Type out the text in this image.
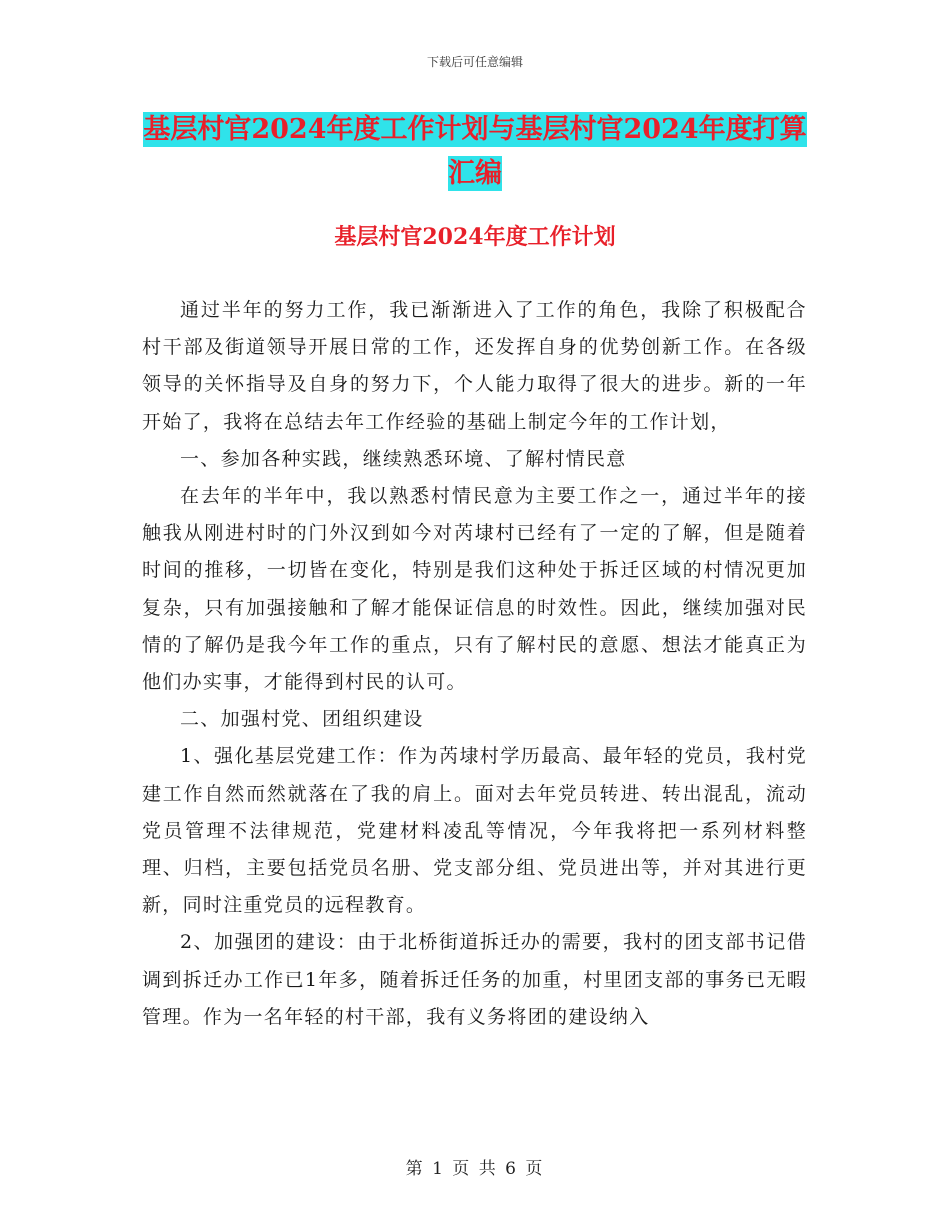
下载后可任意编辑
基层村官2024年度工作计划与基层村官2024年度打算汇编
基层村官2024年度工作计划

通过半年的努力工作，我已渐渐进入了工作的角色，我除了积极配合村干部及街道领导开展日常的工作，还发挥自身的优势创新工作。在各级领导的关怀指导及自身的努力下，个人能力取得了很大的进步。新的一年开始了，我将在总结去年工作经验的基础上制定今年的工作计划，

一、参加各种实践，继续熟悉环境、了解村情民意

在去年的半年中，我以熟悉村情民意为主要工作之一，通过半年的接触我从刚进村时的门外汉到如今对芮埭村已经有了一定的了解，但是随着时间的推移，一切皆在变化，特别是我们这种处于拆迁区域的村情况更加复杂，只有加强接触和了解才能保证信息的时效性。因此，继续加强对民情的了解仍是我今年工作的重点，只有了解村民的意愿、想法才能真正为他们办实事，才能得到村民的认可。

二、加强村党、团组织建设

1、强化基层党建工作：作为芮埭村学历最高、最年轻的党员，我村党建工作自然而然就落在了我的肩上。面对去年党员转进、转出混乱，流动党员管理不法律规范，党建材料凌乱等情况，今年我将把一系列材料整理、归档，主要包括党员名册、党支部分组、党员进出等，并对其进行更新，同时注重党员的远程教育。

2、加强团的建设：由于北桥街道拆迁办的需要，我村的团支部书记借调到拆迁办工作已1年多，随着拆迁任务的加重，村里团支部的事务已无暇管理。作为一名年轻的村干部，我有义务将团的建设纳入

第 1 页 共 6 页
